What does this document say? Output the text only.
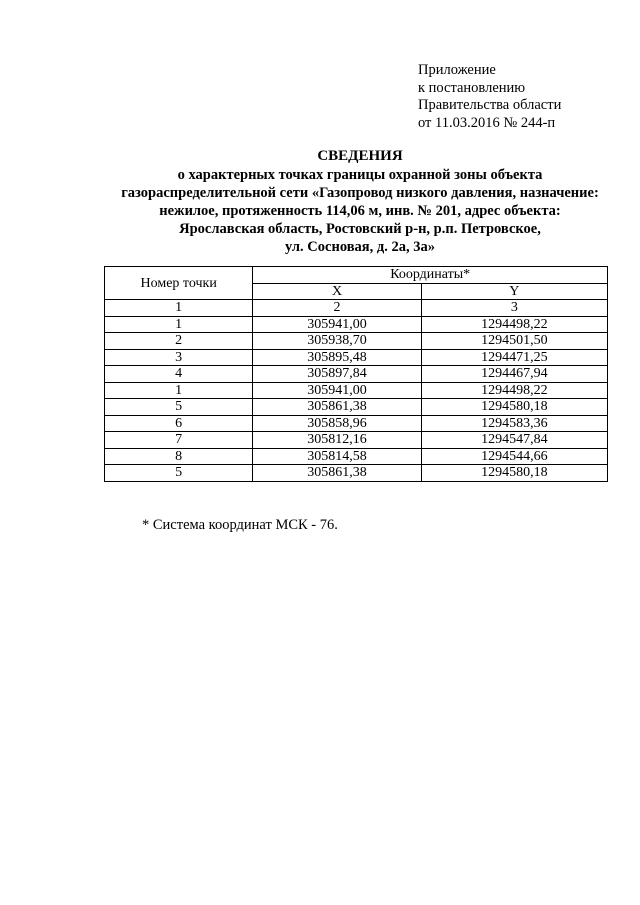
Приложение
к постановлению
Правительства области
от 11.03.2016 № 244-п
СВЕДЕНИЯ
о характерных точках границы охранной зоны объекта
газораспределительной сети «Газопровод низкого давления, назначение:
нежилое, протяженность 114,06 м, инв. № 201, адрес объекта:
Ярославская область, Ростовский р-н, р.п. Петровское,
ул. Сосновая, д. 2а, 3а»
Номер точки	Координаты*	
	X	Y
1	2	3
1	305941,00	1294498,22
2	305938,70	1294501,50
3	305895,48	1294471,25
4	305897,84	1294467,94
1	305941,00	1294498,22
5	305861,38	1294580,18
6	305858,96	1294583,36
7	305812,16	1294547,84
8	305814,58	1294544,66
5	305861,38	1294580,18
* Система координат МСК - 76.
